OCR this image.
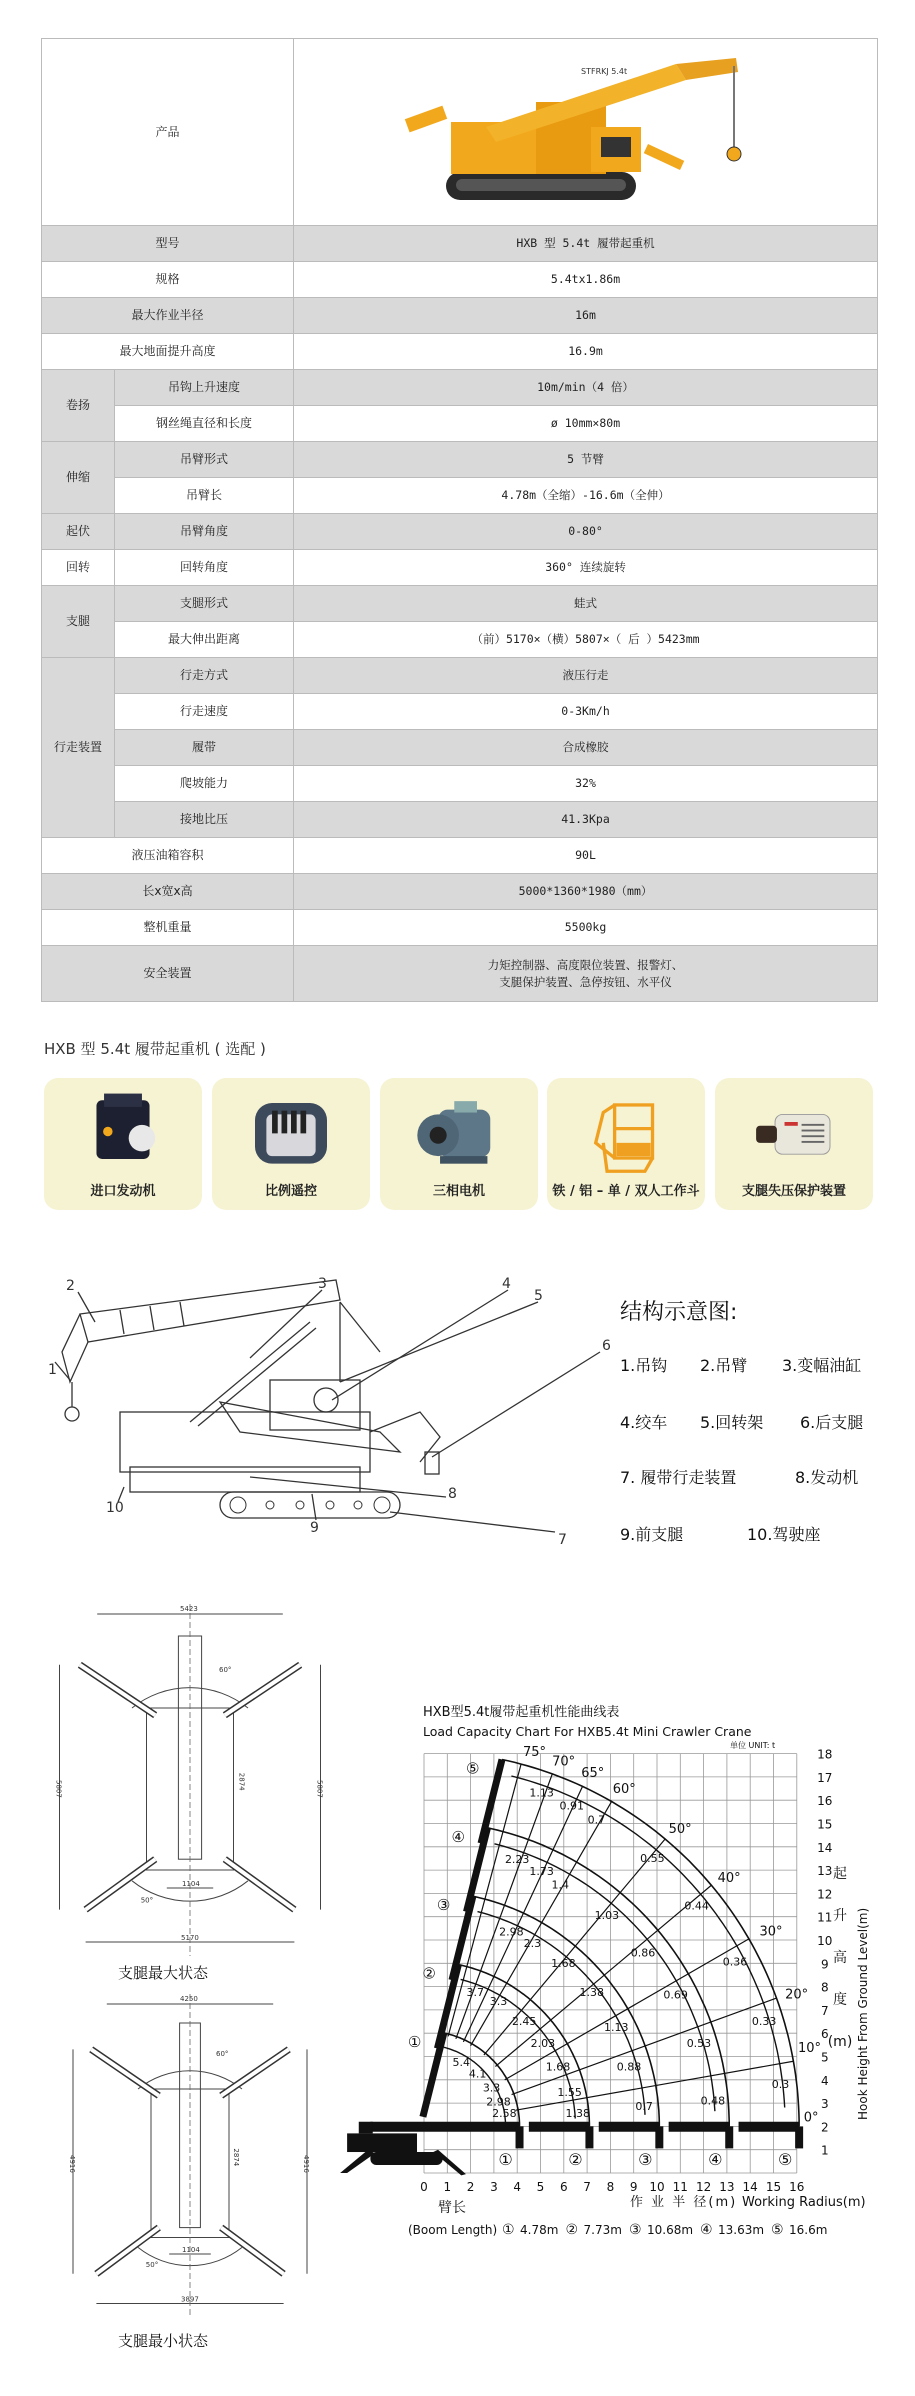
产品		STFRKJ 5.4t

型号		HXB 型 5.4t 履带起重机
规格		5.4tx1.86m
最大作业半径		16m
最大地面提升高度		16.9m
卷扬	吊钩上升速度	10m/min（4 倍）
	钢丝绳直径和长度	ø 10mm×80m
伸缩	吊臂形式	5 节臂
	吊臂长	4.78m（全缩）-16.6m（全伸）
起伏	吊臂角度	0-80°
回转	回转角度	360° 连续旋转
支腿	支腿形式	蛙式
	最大伸出距离	（前）5170×（横）5807×（ 后 ）5423mm
行走装置	行走方式	液压行走
	行走速度	0-3Km/h
	履带	合成橡胶
	爬坡能力	32%
	接地比压	41.3Kpa
液压油箱容积		90L
长x宽x高		5000*1360*1980（mm）
整机重量		5500kg
安全装置		力矩控制器、高度限位装置、报警灯、
支腿保护装置、急停按钮、水平仪
HXB 型 5.4t 履带起重机 ( 选配 )
进口发动机	比例遥控	三相电机	铁 / 铝 – 单 / 双人工作斗	支腿失压保护装置
1
2	3	4
5
6
7
8
9
10
结构示意图:
1.吊钩 2.吊臂 3.变幅油缸
4.绞车 5.回转架 6.后支腿
7. 履带行走装置	8.发动机
9.前支腿	10.驾驶座
5423
5807	5807
2874
1104
5170
60°
50°
支腿最大状态
4250
4916	4916
2874
1104
3897
60°
50°
支腿最小状态
HXB型5.4t履带起重机性能曲线表
Load Capacity Chart For HXB5.4t Mini Crawler Crane
单位 UNIT: t
75°
70°
65°
60°
50°
40°
30°
20°
10°
0°
①
①
②
②
③
③
④
④
⑤
⑤
5.4
4.1
3.3
2.98
2.58
3.7
3.3
2.45
2.03
1.68
1.55
1.38
2.98
2.3
1.68
1.38
1.13
0.88
0.7
2.23
1.73
1.4
1.03
0.86
0.69
0.53
0.48
1.13
0.91
0.7
0.55
0.44
0.36
0.33
0.3
0 1 2 3 4 5 6 7 8 9 10 11 12 13 14 15 16
1
2
3
4
5
6
7
8
9
10
11
12
13
14
15
16
17
18
臂长	作 业 半 径(m) Working Radius(m)
(Boom Length) ① 4.78m ② 7.73m ③ 10.68m ④ 13.63m ⑤ 16.6m
起
升
高
度
(m) Hook Height From Ground Level(m)
